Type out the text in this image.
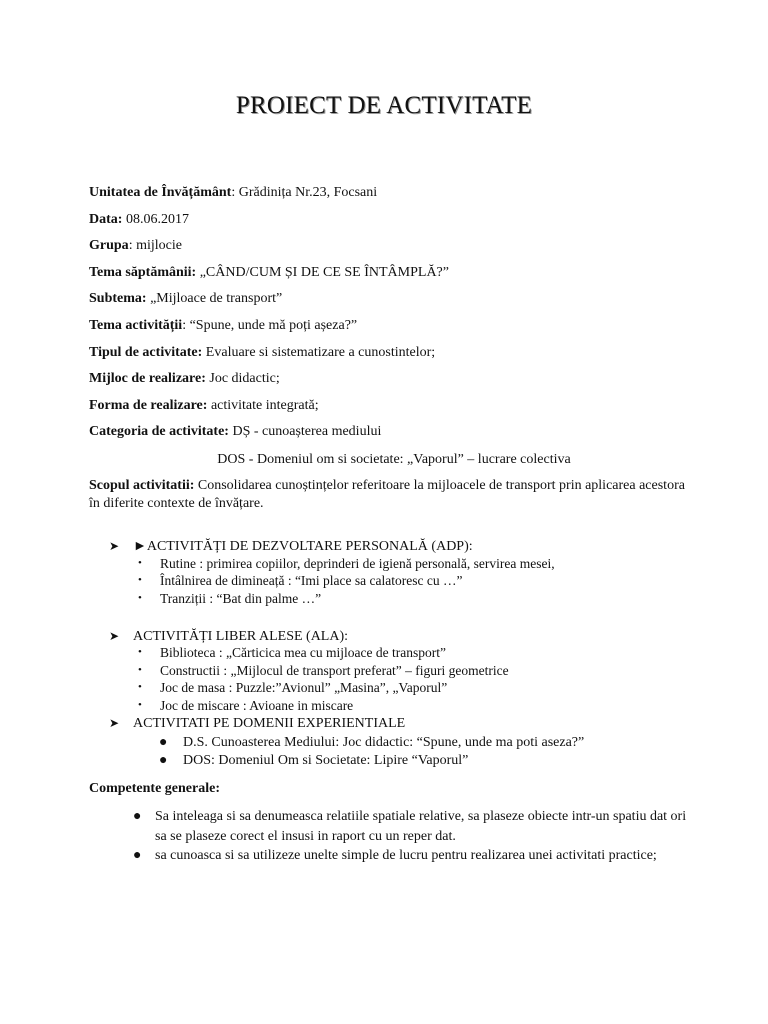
PROIECT DE ACTIVITATE
Unitatea de Învățământ: Grădinița Nr.23, Focsani
Data: 08.06.2017
Grupa: mijlocie
Tema săptămânii: „CÂND/CUM ȘI DE CE SE ÎNTÂMPLĂ?”
Subtema: „Mijloace de transport”
Tema activității: “Spune, unde mă poți așeza?”
Tipul de activitate: Evaluare si sistematizare a cunostintelor;
Mijloc de realizare: Joc didactic;
Forma de realizare: activitate integrată;
Categoria de activitate: DȘ - cunoașterea mediului
DOS - Domeniul om si societate: „Vaporul” – lucrare colectiva
Scopul activitatii: Consolidarea cunoștințelor referitoare la mijloacele de transport prin aplicarea acestora în diferite contexte de învățare.
➤ ►ACTIVITĂȚI DE DEZVOLTARE PERSONALĂ (ADP):
• Rutine : primirea copiilor, deprinderi de igienă personală, servirea mesei,
• Întâlnirea de dimineață : “Imi place sa calatoresc cu …”
• Tranziții : “Bat din palme …”
➤ ACTIVITĂȚI LIBER ALESE (ALA):
• Biblioteca : „Cărticica mea cu mijloace de transport”
• Constructii : „Mijlocul de transport preferat” – figuri geometrice
• Joc de masa : Puzzle:”Avionul” „Masina”, „Vaporul”
• Joc de miscare : Avioane in miscare
➤ ACTIVITATI PE DOMENII EXPERIENTIALE
● D.S. Cunoasterea Mediului: Joc didactic: “Spune, unde ma poti aseza?”
● DOS: Domeniul Om si Societate: Lipire “Vaporul”
Competente generale:
● Sa inteleaga si sa denumeasca relatiile spatiale relative, sa plaseze obiecte intr-un spatiu dat ori sa se plaseze corect el insusi in raport cu un reper dat.
● sa cunoasca si sa utilizeze unelte simple de lucru pentru realizarea unei activitati practice;
